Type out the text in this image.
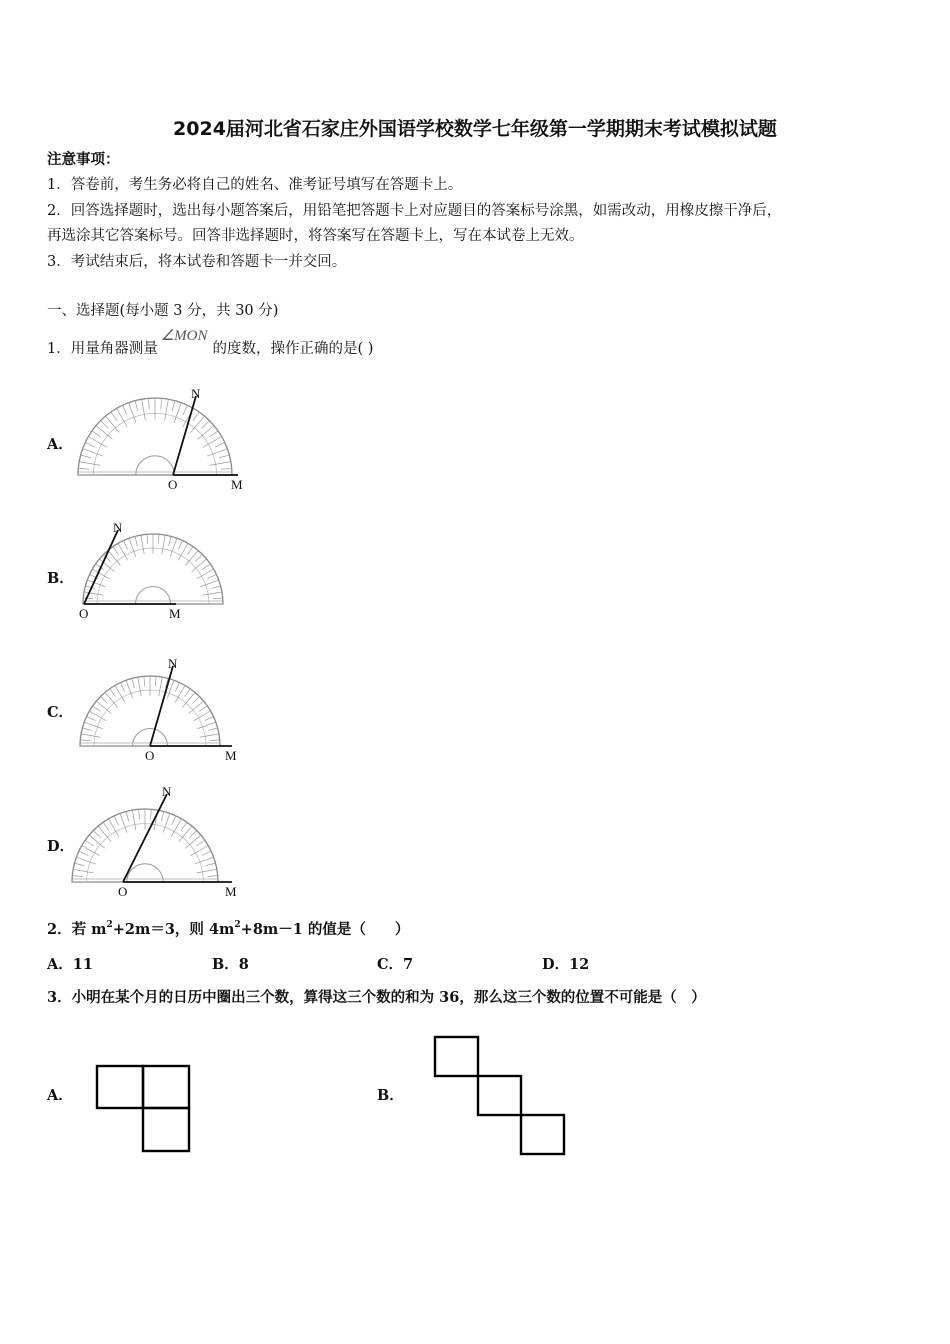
2024届河北省石家庄外国语学校数学七年级第一学期期末考试模拟试题
注意事项：
1．答卷前，考生务必将自己的姓名、准考证号填写在答题卡上。
2．回答选择题时，选出每小题答案后，用铅笔把答题卡上对应题目的答案标号涂黑，如需改动，用橡皮擦干净后，
再选涂其它答案标号。回答非选择题时，将答案写在答题卡上，写在本试卷上无效。
3．考试结束后，将本试卷和答题卡一并交回。
一、选择题(每小题 3 分，共 30 分)
1．用量角器测量∠MON的度数，操作正确的是( )
A．
B．
C．
D．
N
O	M
N
O	M
N
O	M
N
O	M
2．若 $m^2+2m=3$，则 $4m^2+8m-1$ 的值是（　　）
A．11	B．8	C．7	D．12
3．小明在某个月的日历中圈出三个数，算得这三个数的和为 36，那么这三个数的位置不可能是（　）
A．	B．
